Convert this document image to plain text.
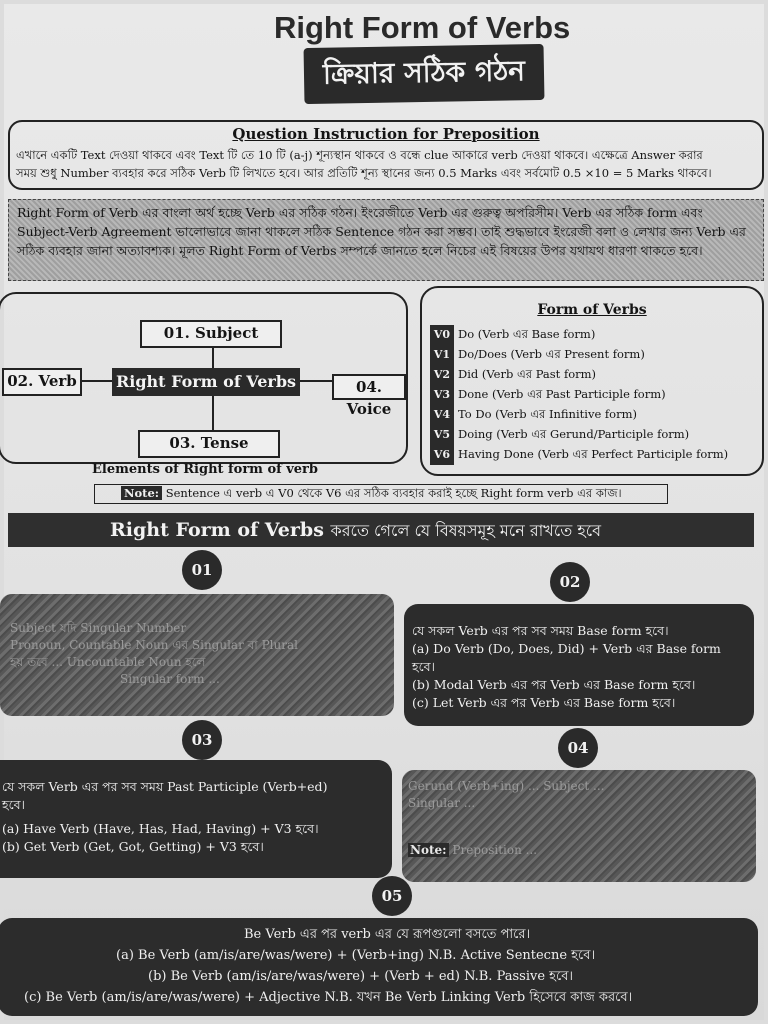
Right Form of Verbs
ক্রিয়ার সঠিক গঠন
Question Instruction for Preposition
এখানে একটি Text দেওয়া থাকবে এবং Text টি তে 10 টি (a-j) শূন্যস্থান থাকবে ও বন্ধে clue আকারে verb দেওয়া থাকবে। এক্ষেত্রে Answer করার
সময় শুধু Number ব্যবহার করে সঠিক Verb টি লিখতে হবে। আর প্রতিটি শূন্য স্থানের জন্য 0.5 Marks এবং সর্বমোট 0.5 ×10 = 5 Marks থাকবে।
Right Form of Verb এর বাংলা অর্থ হচ্ছে Verb এর সঠিক গঠন। ইংরেজীতে Verb এর গুরুত্ব অপরিসীম। Verb এর সঠিক form এবং Subject-Verb Agreement ভালোভাবে জানা থাকলে সঠিক Sentence গঠন করা সম্ভব। তাই শুদ্ধভাবে ইংরেজী বলা ও লেখার জন্য Verb এর সঠিক ব্যবহার জানা অত্যাবশ্যক। মূলত Right Form of Verbs সম্পর্কে জানতে হলে নিচের এই বিষয়ের উপর যথাযথ ধারণা থাকতে হবে।
01. Subject
02. Verb	Right Form of Verbs	04. Voice
03. Tense
Elements of Right form of verb
Form of Verbs
V0 Do (Verb এর Base form)
V1 Do/Does (Verb এর Present form)
V2 Did (Verb এর Past form)
V3 Done (Verb এর Past Participle form)
V4 To Do (Verb এর Infinitive form)
V5 Doing (Verb এর Gerund/Participle form)
V6 Having Done (Verb এর Perfect Participle form)
Note: Sentence এ verb এ V0 থেকে V6 এর সঠিক ব্যবহার করাই হচ্ছে Right form verb এর কাজ।
Right Form of Verbs করতে গেলে যে বিষয়সমূহ মনে রাখতে হবে
01
Subject যদি Singular Number
Pronoun, Countable Noun এর Singular বা Plural
হয় তবে ... Uncountable Noun হলে
Singular form ...
02
যে সকল Verb এর পর সব সময় Base form হবে।
(a) Do Verb (Do, Does, Did) + Verb এর Base form
হবে।
(b) Modal Verb এর পর Verb এর Base form হবে।
(c) Let Verb এর পর Verb এর Base form হবে।
03
যে সকল Verb এর পর সব সময় Past Participle (Verb+ed)
হবে।
(a) Have Verb (Have, Has, Had, Having) + V3 হবে।
(b) Get Verb (Get, Got, Getting) + V3 হবে।
04
Gerund (Verb+ing) ... Subject ...
Singular ...
Note: Preposition ...
05
Be Verb এর পর verb এর যে রূপগুলো বসতে পারে।
(a) Be Verb (am/is/are/was/were) + (Verb+ing) N.B. Active Senteсne হবে।
(b) Be Verb (am/is/are/was/were) + (Verb + ed) N.B. Passive হবে।
(c) Be Verb (am/is/are/was/were) + Adjective N.B. যখন Be Verb Linking Verb হিসেবে কাজ করবে।
